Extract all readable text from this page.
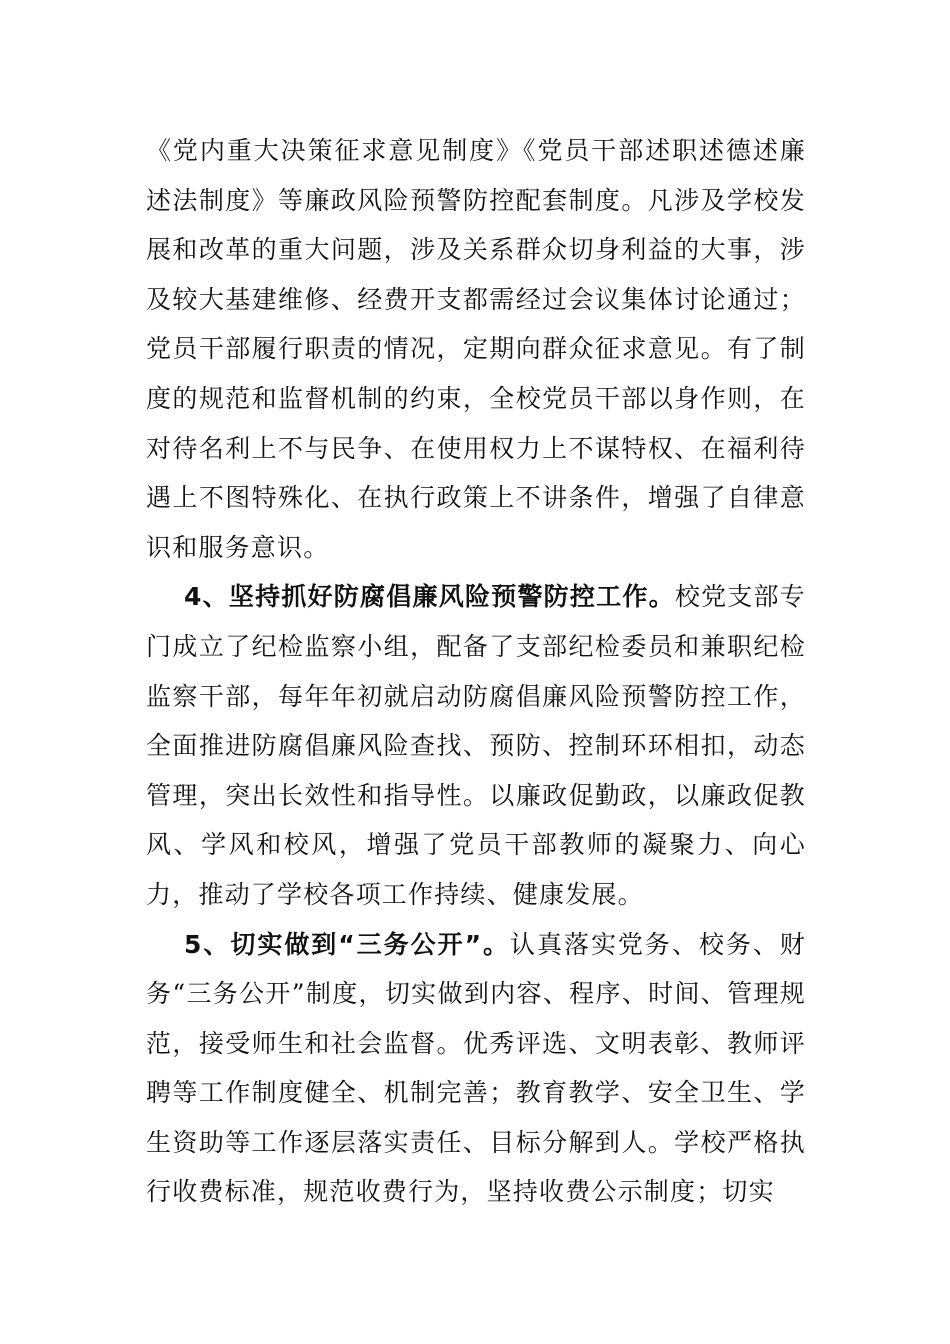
《党内重大决策征求意见制度》《党员干部述职述德述廉述法制度》等廉政风险预警防控配套制度。凡涉及学校发展和改革的重大问题，涉及关系群众切身利益的大事，涉及较大基建维修、经费开支都需经过会议集体讨论通过；党员干部履行职责的情况，定期向群众征求意见。有了制度的规范和监督机制的约束，全校党员干部以身作则，在对待名利上不与民争、在使用权力上不谋特权、在福利待遇上不图特殊化、在执行政策上不讲条件，增强了自律意识和服务意识。

4、坚持抓好防腐倡廉风险预警防控工作。校党支部专门成立了纪检监察小组，配备了支部纪检委员和兼职纪检监察干部，每年年初就启动防腐倡廉风险预警防控工作，全面推进防腐倡廉风险查找、预防、控制环环相扣，动态管理，突出长效性和指导性。以廉政促勤政，以廉政促教风、学风和校风，增强了党员干部教师的凝聚力、向心力，推动了学校各项工作持续、健康发展。

5、切实做到“三务公开”。认真落实党务、校务、财务“三务公开”制度，切实做到内容、程序、时间、管理规范，接受师生和社会监督。优秀评选、文明表彰、教师评聘等工作制度健全、机制完善；教育教学、安全卫生、学生资助等工作逐层落实责任、目标分解到人。学校严格执行收费标准，规范收费行为，坚持收费公示制度；切实
